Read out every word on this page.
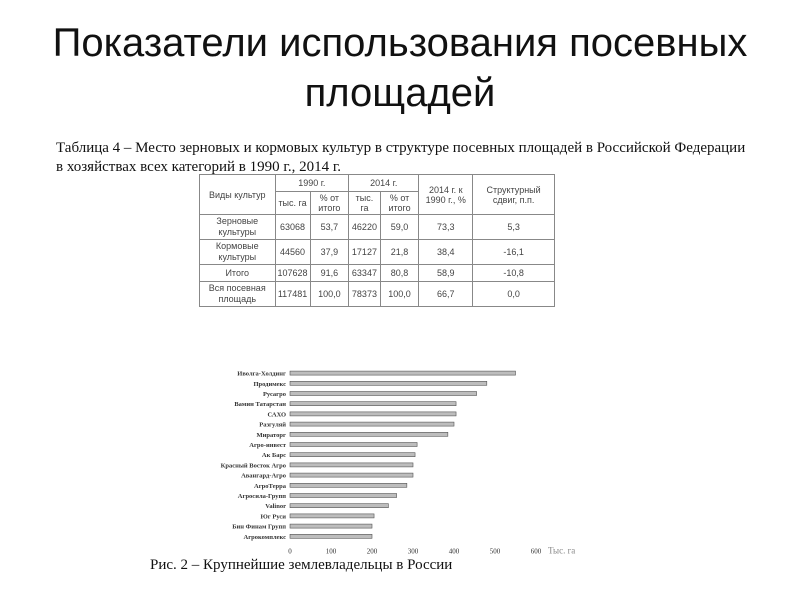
Показатели использования посевных площадей
Таблица 4 – Место зерновых и кормовых культур в структуре посевных площадей в Российской Федерации в хозяйствах всех категорий в 1990 г., 2014 г.
Виды культур	1990 г.		2014 г.		2014 г. к 1990 г., %	Структурный сдвиг, п.п.
	тыс. га	% от итого	тыс. га	% от итого		
Зерновые культуры	63068	53,7	46220	59,0	73,3	5,3
Кормовые культуры	44560	37,9	17127	21,8	38,4	-16,1
Итого	107628	91,6	63347	80,8	58,9	-10,8
Вся посевная площадь	117481	100,0	78373	100,0	66,7	0,0
Иволга-Холдинг
Продимекс
Русагро
Вамин Татарстан
САХО
Разгуляй
Мираторг
Агро-инвест
Ак Барс
Красный Восток Агро
Авангард-Агро
АгроТерра
Агросила-Групп
Valinor
Юг Руси
Бин Финам Групп
Агрокомплекс
0	100	200	300	400	500	600 Тыс. га
Рис. 2 – Крупнейшие землевладельцы в России
